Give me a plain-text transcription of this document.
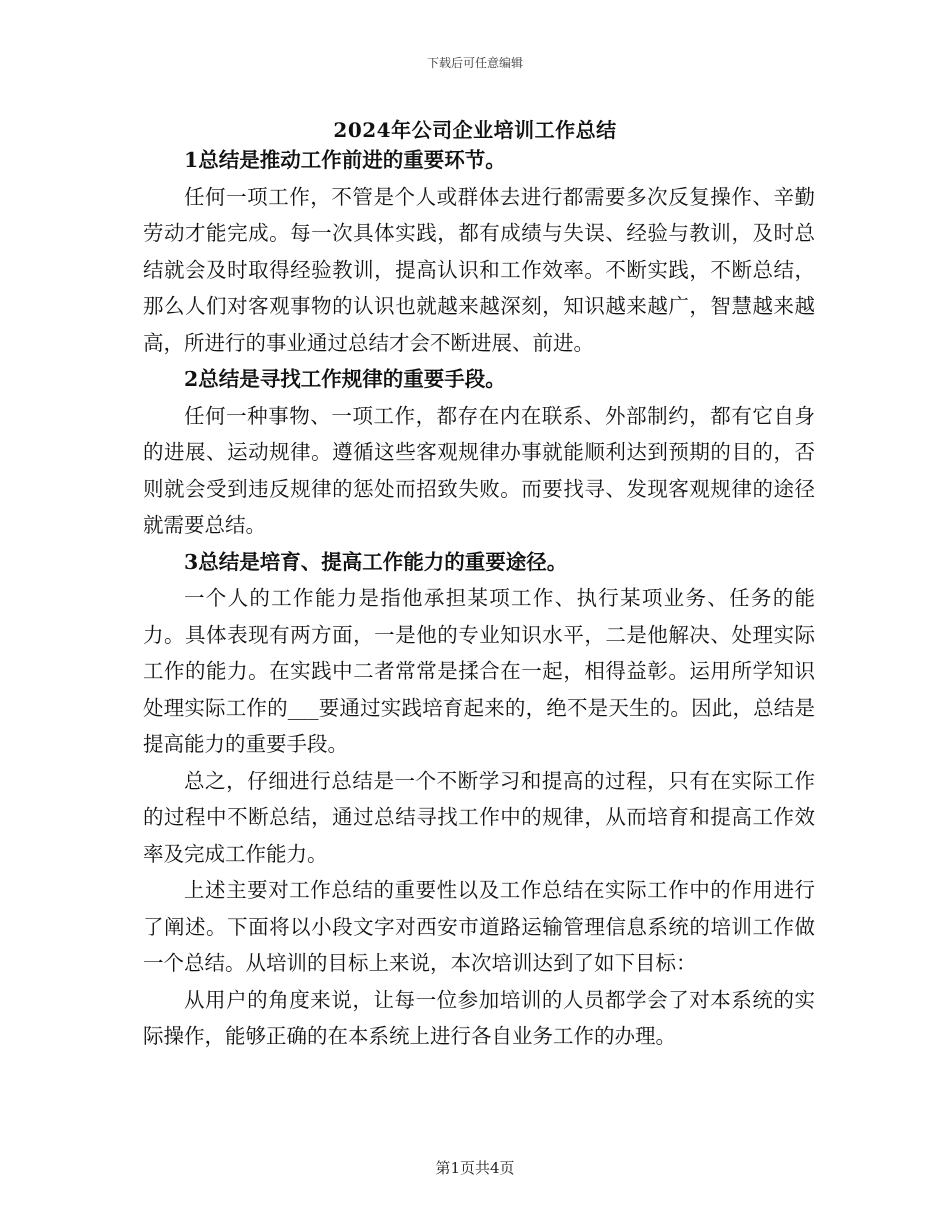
下载后可任意编辑
2024年公司企业培训工作总结

1总结是推动工作前进的重要环节。

任何一项工作，不管是个人或群体去进行都需要多次反复操作、辛勤劳动才能完成。每一次具体实践，都有成绩与失误、经验与教训，及时总结就会及时取得经验教训，提高认识和工作效率。不断实践，不断总结，那么人们对客观事物的认识也就越来越深刻，知识越来越广，智慧越来越高，所进行的事业通过总结才会不断进展、前进。

2总结是寻找工作规律的重要手段。

任何一种事物、一项工作，都存在内在联系、外部制约，都有它自身的进展、运动规律。遵循这些客观规律办事就能顺利达到预期的目的，否则就会受到违反规律的惩处而招致失败。而要找寻、发现客观规律的途径就需要总结。

3总结是培育、提高工作能力的重要途径。

一个人的工作能力是指他承担某项工作、执行某项业务、任务的能力。具体表现有两方面，一是他的专业知识水平，二是他解决、处理实际工作的能力。在实践中二者常常是揉合在一起，相得益彰。运用所学知识处理实际工作的___要通过实践培育起来的，绝不是天生的。因此，总结是提高能力的重要手段。

总之，仔细进行总结是一个不断学习和提高的过程，只有在实际工作的过程中不断总结，通过总结寻找工作中的规律，从而培育和提高工作效率及完成工作能力。

上述主要对工作总结的重要性以及工作总结在实际工作中的作用进行了阐述。下面将以小段文字对西安市道路运输管理信息系统的培训工作做一个总结。从培训的目标上来说，本次培训达到了如下目标：

从用户的角度来说，让每一位参加培训的人员都学会了对本系统的实际操作，能够正确的在本系统上进行各自业务工作的办理。

第1页共4页
